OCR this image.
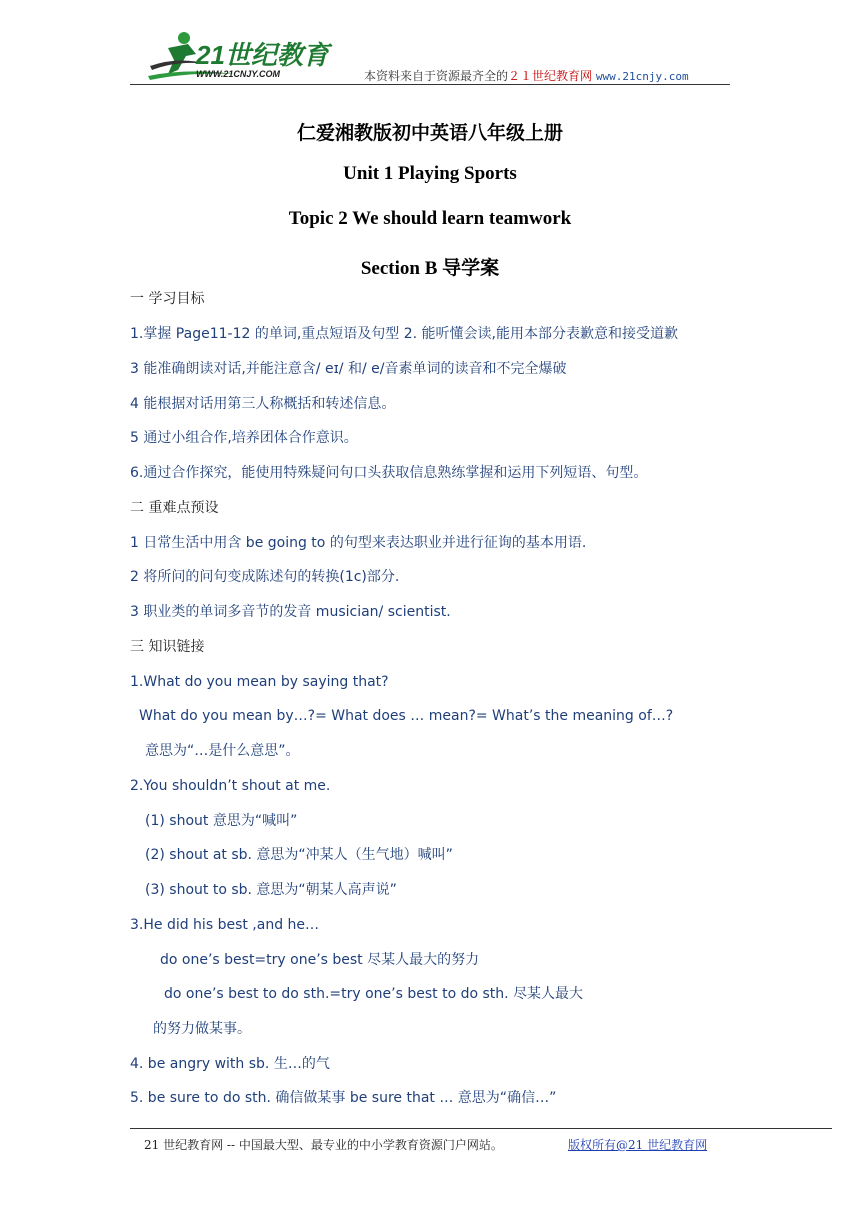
21世纪教育
WWW.21CNJY.COM	本资料来自于资源最齐全的２１世纪教育网 www.21cnjy.com
仁爱湘教版初中英语八年级上册
Unit 1 Playing Sports
Topic 2 We should learn teamwork
Section B 导学案
一 学习目标
1.掌握 Page11-12 的单词,重点短语及句型 2. 能听懂会读,能用本部分表歉意和接受道歉
3 能准确朗读对话,并能注意含/ eɪ/ 和/ e/音素单词的读音和不完全爆破
4 能根据对话用第三人称概括和转述信息。
5 通过小组合作,培养团体合作意识。
6.通过合作探究，能使用特殊疑问句口头获取信息熟练掌握和运用下列短语、句型。
二 重难点预设
1 日常生活中用含 be going to 的句型来表达职业并进行征询的基本用语.
2 将所问的问句变成陈述句的转换(1c)部分.
3 职业类的单词多音节的发音 musician/ scientist.
三 知识链接
1.What do you mean by saying that?
What do you mean by…?= What does … mean?= What’s the meaning of…?
意思为“…是什么意思”。
2.You shouldn’t shout at me.
(1) shout 意思为“喊叫”
(2) shout at sb. 意思为“冲某人（生气地）喊叫”
(3) shout to sb. 意思为“朝某人高声说”
3.He did his best ,and he…
do one’s best=try one’s best 尽某人最大的努力
do one’s best to do sth.=try one’s best to do sth. 尽某人最大
的努力做某事。
4. be angry with sb. 生…的气
5. be sure to do sth. 确信做某事 be sure that … 意思为“确信…”
21 世纪教育网 -- 中国最大型、最专业的中小学教育资源门户网站。	版权所有@21 世纪教育网
